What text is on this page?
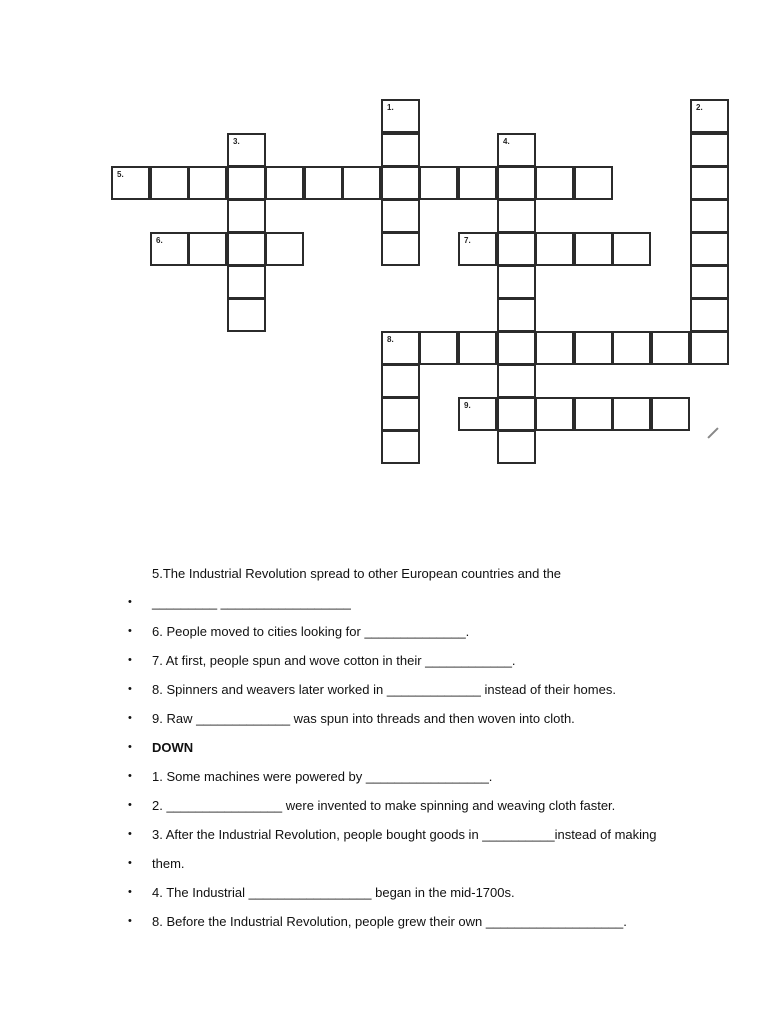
5.
6.	7.
8.
9.
1.	2.
3.	4.
5.The Industrial Revolution spread to other European countries and the
• _________ __________________
• 6. People moved to cities looking for ______________.
• 7. At first, people spun and wove cotton in their ____________.
• 8. Spinners and weavers later worked in _____________ instead of their homes.
• 9. Raw _____________ was spun into threads and then woven into cloth.
• DOWN
• 1. Some machines were powered by _________________.
• 2. ________________ were invented to make spinning and weaving cloth faster.
• 3. After the Industrial Revolution, people bought goods in __________instead of making
• them.
• 4. The Industrial _________________ began in the mid-1700s.
• 8. Before the Industrial Revolution, people grew their own ___________________.
